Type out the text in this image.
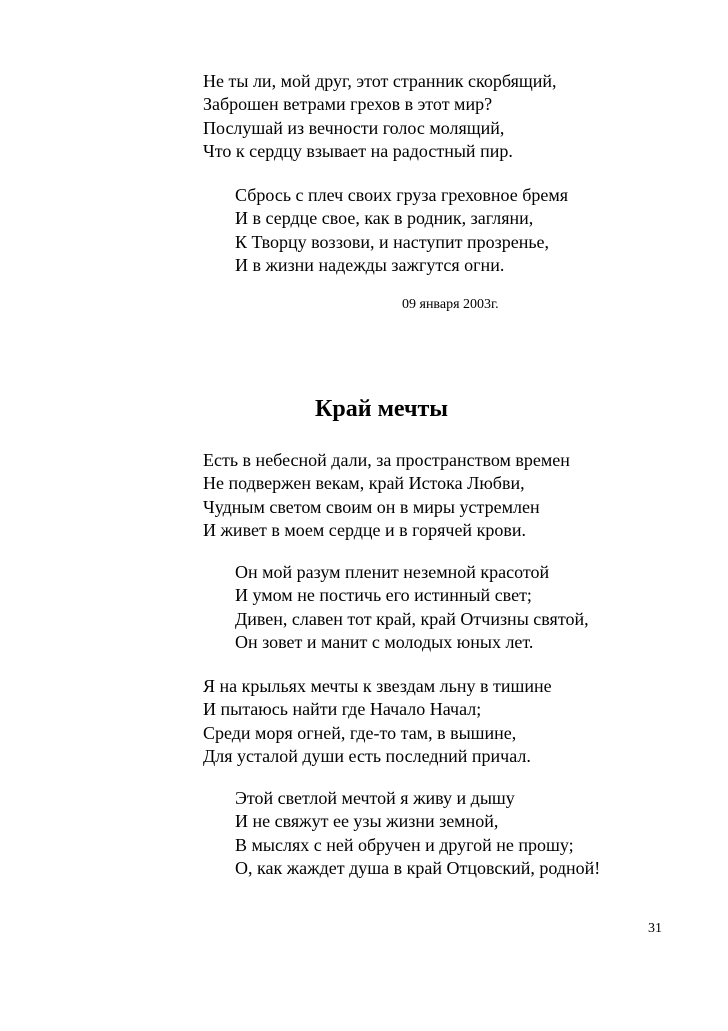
Не ты ли, мой друг, этот странник скорбящий,
Заброшен ветрами грехов в этот мир?
Послушай из вечности голос молящий,
Что к сердцу взывает на радостный пир.
Сбрось с плеч своих груза греховное бремя
И в сердце свое, как в родник, загляни,
К Творцу воззови, и наступит прозренье,
И в жизни надежды зажгутся огни.
09 января 2003г.
Край мечты
Есть в небесной дали, за пространством времен
Не подвержен векам, край Истока Любви,
Чудным светом своим он в миры устремлен
И живет в моем сердце и в горячей крови.
Он мой разум пленит неземной красотой
И умом не постичь его истинный свет;
Дивен, славен тот край, край Отчизны святой,
Он зовет и манит с молодых юных лет.
Я на крыльях мечты к звездам льну в тишине
И пытаюсь найти где Начало Начал;
Среди моря огней, где-то там, в вышине,
Для усталой души есть последний причал.
Этой светлой мечтой я живу и дышу
И не свяжут ее узы жизни земной,
В мыслях с ней обручен и другой не прошу;
О, как жаждет душа в край Отцовский, родной!
31
